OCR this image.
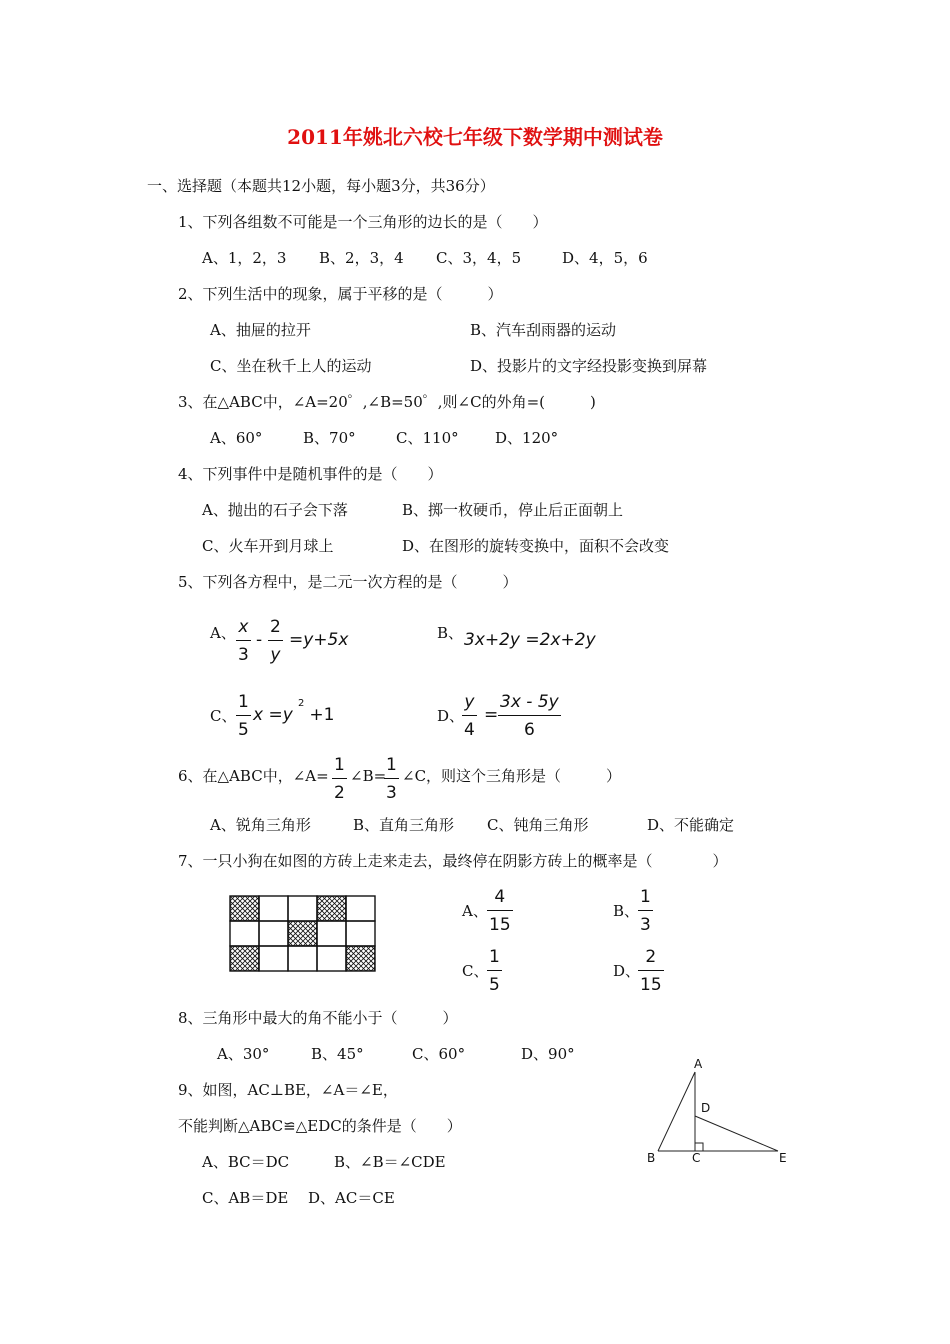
2011年姚北六校七年级下数学期中测试卷
一、选择题（本题共12小题，每小题3分，共36分）
1、下列各组数不可能是一个三角形的边长的是（　　）
A、1，2，3 B、2，3，4 C、3，4，5	D、4，5，6
2、下列生活中的现象，属于平移的是（　　　）
A、抽屉的拉开	B、汽车刮雨器的运动
C、坐在秋千上人的运动	D、投影片的文字经投影变换到屏幕
3、在△ABC中，∠A=20゜,∠B=50゜,则∠C的外角=(　　　)
A、60°	B、70°	C、110° D、120°
4、下列事件中是随机事件的是（　　）
A、抛出的石子会下落	B、掷一枚硬币，停止后正面朝上
C、火车开到月球上	D、在图形的旋转变换中，面积不会改变
5、下列各方程中，是二元一次方程的是（　　　）
A、 x
3
-
2
y
=y+5x	B、 3x+2y =2x+2y
C、
1
5
x =y
2
+1	D、
y
4
=
3x - 5y
6
6、在△ABC中，∠A=
1
2
∠B=
1
3
∠C，则这个三角形是（　　　）
A、锐角三角形	B、直角三角形 C、钝角三角形	D、不能确定
7、一只小狗在如图的方砖上走来走去，最终停在阴影方砖上的概率是（　　　　）
A、
4
15
B、
1
3
C、
1
5
D、
2
15
8、三角形中最大的角不能小于（　　　）
A、30°	B、45°	C、60°	D、90°
9、如图，AC⊥BE，∠A＝∠E，
不能判断△ABC≌△EDC的条件是（　　）
A、BC＝DC	B、∠B＝∠CDE
C、AB＝DE D、AC＝CE
A
D
B	C	E
